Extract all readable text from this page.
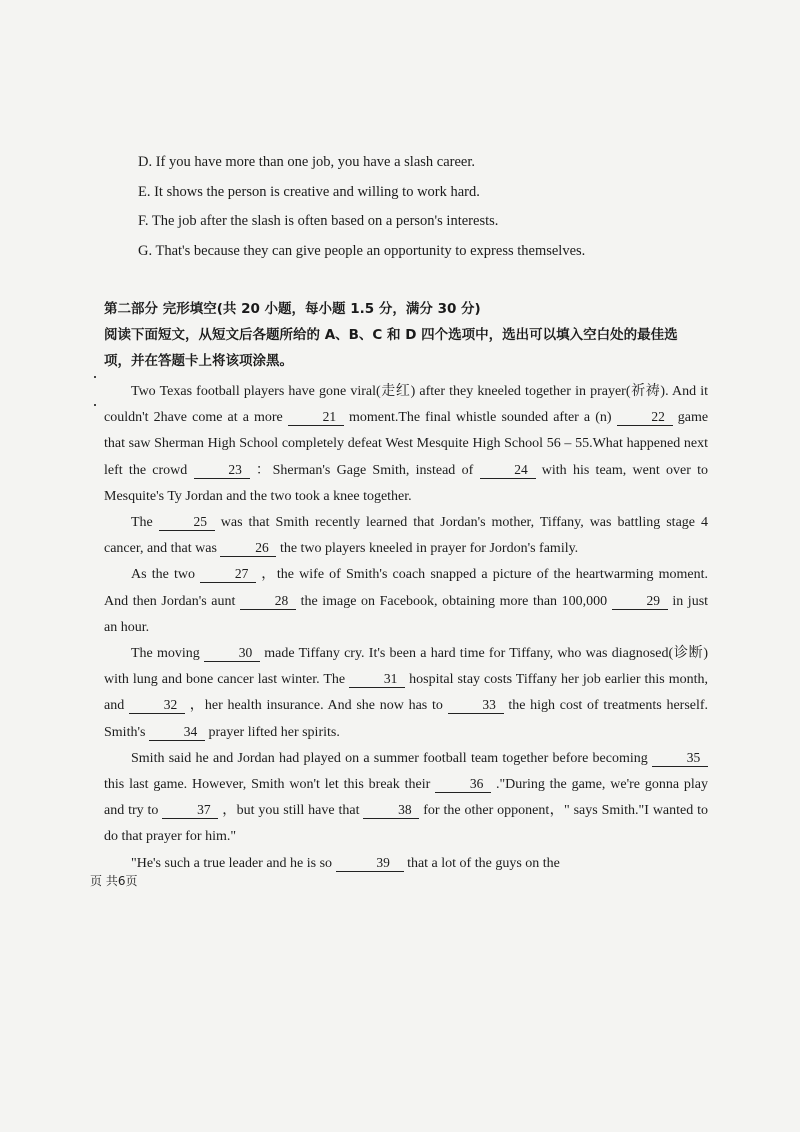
D. If you have more than one job, you have a slash career.
E. It shows the person is creative and willing to work hard.
F. The job after the slash is often based on a person's interests.
G. That's because they can give people an opportunity to express themselves.
第二部分 完形填空(共 20 小题，每小题 1.5 分，满分 30 分)
阅读下面短文，从短文后各题所给的 A、B、C 和 D 四个选项中，选出可以填入空白处的最佳选
项，并在答题卡上将该项涂黑。

Two Texas football players have gone viral(走红) after they kneeled together in prayer(祈祷). And it couldn't 2have come at a more	21 moment.The final whistle sounded after a (n)	22 game that saw Sherman High School completely defeat West Mesquite High School 56 – 55.What happened next left the crowd	23 ：Sherman's Gage Smith, instead of	24 with his team, went over to Mesquite's Ty Jordan and the two took a knee together.

The	25 was that Smith recently learned that Jordan's mother, Tiffany, was battling stage 4 cancer, and that was	26 the two players kneeled in prayer for Jordon's family.

As the two	27 ，the wife of Smith's coach snapped a picture of the heartwarming moment. And then Jordan's aunt	28 the image on Facebook, obtaining more than 100,000	29 in just an hour.

The moving	30 made Tiffany cry. It's been a hard time for Tiffany, who was diagnosed(诊断) with lung and bone cancer last winter. The	31 hospital stay costs Tiffany her job earlier this month, and	32 ，her health insurance. And she now has to	33 the high cost of treatments herself. Smith's	34 prayer lifted her spirits.

Smith said he and Jordan had played on a summer football team together before becoming	35 this last game. However, Smith won't let this break their	36 ."During the game, we're gonna play and try to	37 ，but you still have that	38 for the other opponent，" says Smith."I wanted to do that prayer for him."

"He's such a true leader and he is so	39 that a lot of the guys on the

页 共6页
